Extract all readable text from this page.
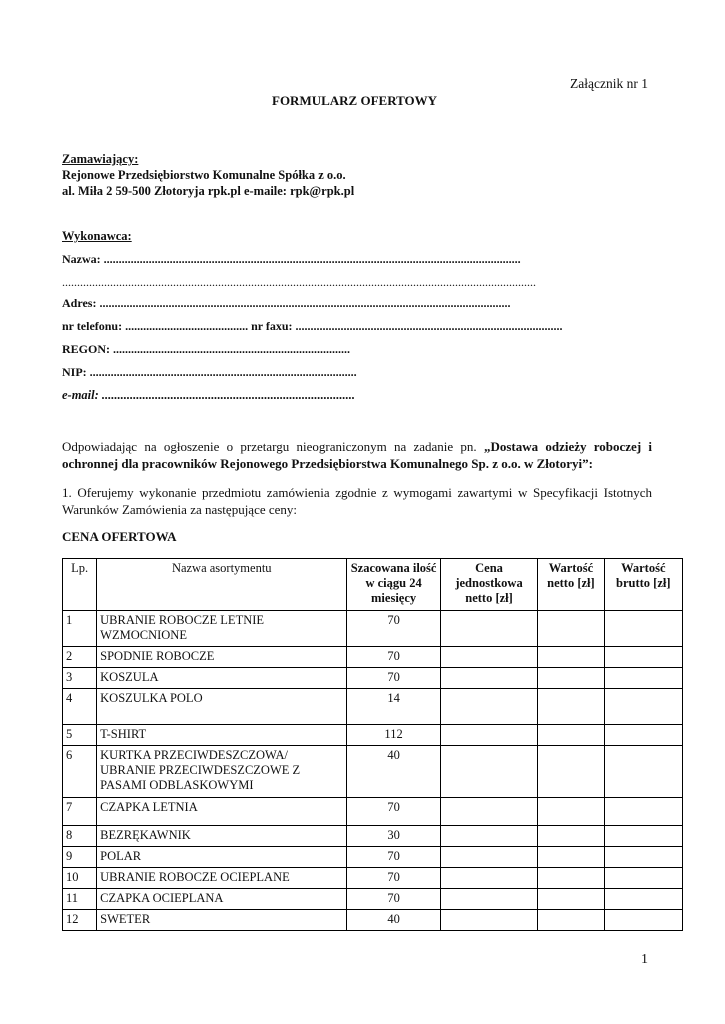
Załącznik nr 1
FORMULARZ OFERTOWY
Zamawiający:
Rejonowe Przedsiębiorstwo Komunalne Spółka z o.o.
al. Miła 2 59-500 Złotoryja rpk.pl e-maile: rpk@rpk.pl
Wykonawca:
Nazwa: ...........................................................................................................................................
..............................................................................................................................................................
Adres: .........................................................................................................................................
nr telefonu: ......................................... nr faxu: .........................................................................................
REGON: ...............................................................................
NIP: .........................................................................................
e-mail: .................................................................................
Odpowiadając na ogłoszenie o przetargu nieograniczonym na zadanie pn. „Dostawa odzieży roboczej i ochronnej dla pracowników Rejonowego Przedsiębiorstwa Komunalnego Sp. z o.o. w Złotoryi”:
1. Oferujemy wykonanie przedmiotu zamówienia zgodnie z wymogami zawartymi w Specyfikacji Istotnych Warunków Zamówienia za następujące ceny:
CENA OFERTOWA
Lp.	Nazwa asortymentu	Szacowana ilość w ciągu 24 miesięcy	Cena jednostkowa netto [zł]	Wartość netto [zł]	Wartość brutto [zł]
1	UBRANIE ROBOCZE LETNIE WZMOCNIONE	70			
2	SPODNIE ROBOCZE	70			
3	KOSZULA	70			
4	KOSZULKA POLO	14			
5	T-SHIRT	112			
6	KURTKA PRZECIWDESZCZOWA/ UBRANIE PRZECIWDESZCZOWE Z PASAMI ODBLASKOWYMI	40			
7	CZAPKA LETNIA	70			
8	BEZRĘKAWNIK	30			
9	POLAR	70			
10	UBRANIE ROBOCZE OCIEPLANE	70			
11	CZAPKA OCIEPLANA	70			
12	SWETER	40			
1
